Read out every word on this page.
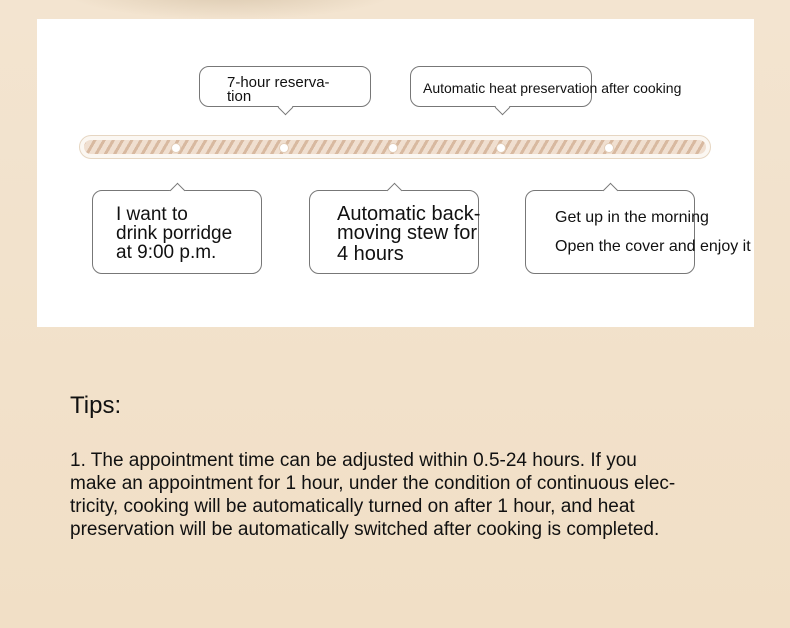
7-hour reserva-
tion	Automatic heat preservation after cooking
I want to
drink porridge
at 9:00 p.m.
Automatic back-
moving stew for
4 hours
Get up in the morning
Open the cover and enjoy it
Tips:
1. The appointment time can be adjusted within 0.5-24 hours. If you
make an appointment for 1 hour, under the condition of continuous elec-
tricity, cooking will be automatically turned on after 1 hour, and heat
preservation will be automatically switched after cooking is completed.
